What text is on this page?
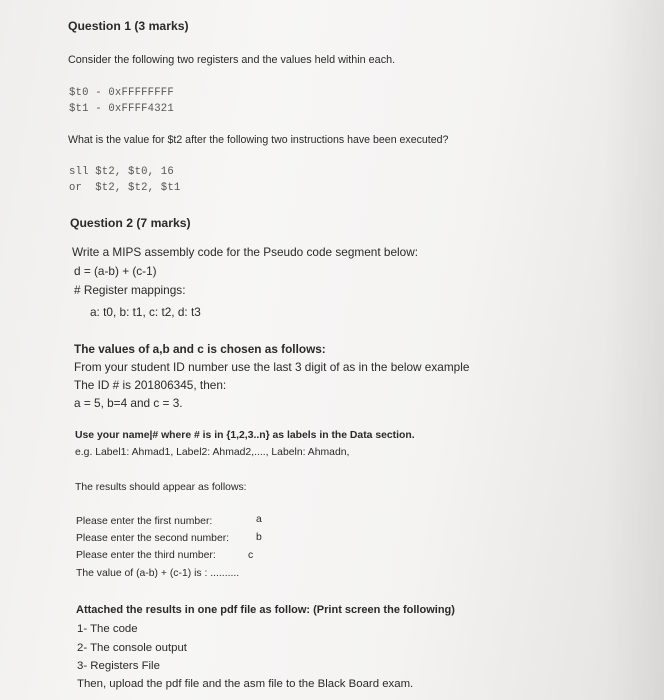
Question 1 (3 marks)
Consider the following two registers and the values held within each.
$t0 - 0xFFFFFFFF
$t1 - 0xFFFF4321
What is the value for $t2 after the following two instructions have been executed?
sll $t2, $t0, 16
or  $t2, $t2, $t1
Question 2 (7 marks)
Write a MIPS assembly code for the Pseudo code segment below:
d = (a-b) + (c-1)
# Register mappings:
a: t0, b: t1, c: t2, d: t3
The values of a,b and c is chosen as follows:
From your student ID number use the last 3 digit of as in the below example
The ID # is 201806345, then:
a = 5, b=4 and c = 3.
Use your name|# where # is in {1,2,3..n} as labels in the Data section.
e.g. Label1: Ahmad1, Label2: Ahmad2,...., Labeln: Ahmadn,
The results should appear as follows:
Please enter the first number:	a
Please enter the second number:	b
Please enter the third number:	c
The value of (a-b) + (c-1) is : ..........
Attached the results in one pdf file as follow: (Print screen the following)
1- The code
2- The console output
3- Registers File
Then, upload the pdf file and the asm file to the Black Board exam.
